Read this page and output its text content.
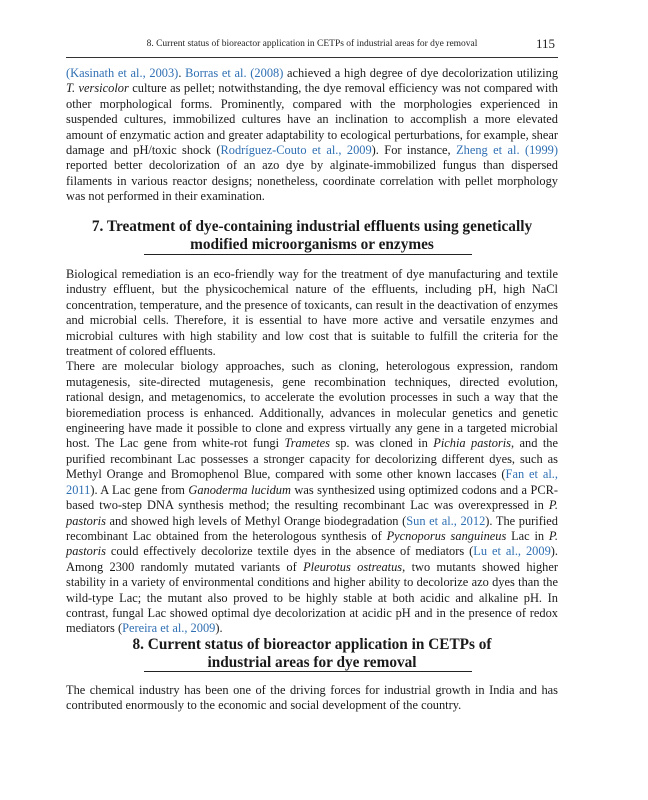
8. Current status of bioreactor application in CETPs of industrial areas for dye removal	115

(Kasinath et al., 2003). Borras et al. (2008) achieved a high degree of dye decolorization utilizing T. versicolor culture as pellet; notwithstanding, the dye removal efficiency was not compared with other morphological forms. Prominently, compared with the morphologies experienced in suspended cultures, immobilized cultures have an inclination to accomplish a more elevated amount of enzymatic action and greater adaptability to ecological perturbations, for example, shear damage and pH/toxic shock (Rodríguez-Couto et al., 2009). For instance, Zheng et al. (1999) reported better decolorization of an azo dye by alginate-immobilized fungus than dispersed filaments in various reactor designs; nonetheless, coordinate correlation with pellet morphology was not performed in their examination.

7. Treatment of dye-containing industrial effluents using genetically
modified microorganisms or enzymes

Biological remediation is an eco-friendly way for the treatment of dye manufacturing and textile industry effluent, but the physicochemical nature of the effluents, including pH, high NaCl concentration, temperature, and the presence of toxicants, can result in the deactivation of enzymes and microbial cells. Therefore, it is essential to have more active and versatile enzymes and microbial cultures with high stability and low cost that is suitable to fulfill the criteria for the treatment of colored effluents.

There are molecular biology approaches, such as cloning, heterologous expression, random mutagenesis, site-directed mutagenesis, gene recombination techniques, directed evolution, rational design, and metagenomics, to accelerate the evolution processes in such a way that the bioremediation process is enhanced. Additionally, advances in molecular genetics and genetic engineering have made it possible to clone and express virtually any gene in a targeted microbial host. The Lac gene from white-rot fungi Trametes sp. was cloned in Pichia pastoris, and the purified recombinant Lac possesses a stronger capacity for decolorizing different dyes, such as Methyl Orange and Bromophenol Blue, compared with some other known laccases (Fan et al., 2011). A Lac gene from Ganoderma lucidum was synthesized using optimized codons and a PCR-based two-step DNA synthesis method; the resulting recombinant Lac was overexpressed in P. pastoris and showed high levels of Methyl Orange biodegradation (Sun et al., 2012). The purified recombinant Lac obtained from the heterologous synthesis of Pycnoporus sanguineus Lac in P. pastoris could effectively decolorize textile dyes in the absence of mediators (Lu et al., 2009). Among 2300 randomly mutated variants of Pleurotus ostreatus, two mutants showed higher stability in a variety of environmental conditions and higher ability to decolorize azo dyes than the wild-type Lac; the mutant also proved to be highly stable at both acidic and alkaline pH. In contrast, fungal Lac showed optimal dye decolorization at acidic pH and in the presence of redox mediators (Pereira et al., 2009).

8. Current status of bioreactor application in CETPs of
industrial areas for dye removal

The chemical industry has been one of the driving forces for industrial growth in India and has contributed enormously to the economic and social development of the country.
